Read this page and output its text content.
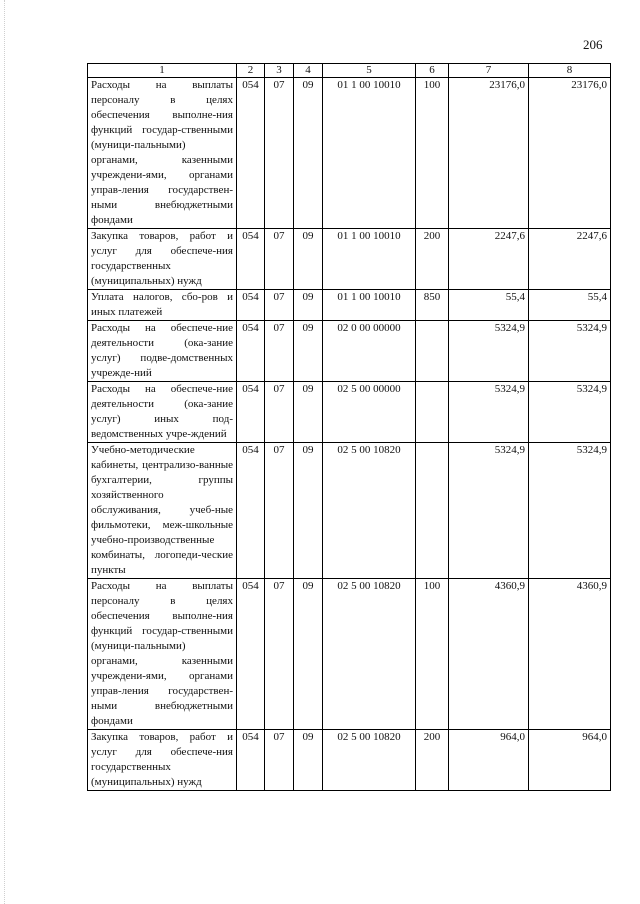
206
1	2	3	4	5	6	7	8
Расходы на выплаты персоналу в целях обеспечения выполне-ния функций государ-ственными (муници-пальными) органами, казенными учреждени-ями, органами управ-ления государствен-ными внебюджетными фондами	054	07	09	01 1 00 10010	100	23176,0	23176,0
Закупка товаров, работ и услуг для обеспече-ния государственных (муниципальных) нужд	054	07	09	01 1 00 10010	200	2247,6	2247,6
Уплата налогов, сбо-ров и иных платежей	054	07	09	01 1 00 10010	850	55,4	55,4
Расходы на обеспече-ние деятельности (ока-зание услуг) подве-домственных учрежде-ний	054	07	09	02 0 00 00000		5324,9	5324,9
Расходы на обеспече-ние деятельности (ока-зание услуг) иных под-ведомственных учре-ждений	054	07	09	02 5 00 00000		5324,9	5324,9
Учебно-методические кабинеты, централизо-ванные бухгалтерии, группы хозяйственного обслуживания, учеб-ные фильмотеки, меж-школьные учебно-производственные комбинаты, логопеди-ческие пункты	054	07	09	02 5 00 10820		5324,9	5324,9
Расходы на выплаты персоналу в целях обеспечения выполне-ния функций государ-ственными (муници-пальными) органами, казенными учреждени-ями, органами управ-ления государствен-ными внебюджетными фондами	054	07	09	02 5 00 10820	100	4360,9	4360,9
Закупка товаров, работ и услуг для обеспече-ния государственных (муниципальных) нужд	054	07	09	02 5 00 10820	200	964,0	964,0
